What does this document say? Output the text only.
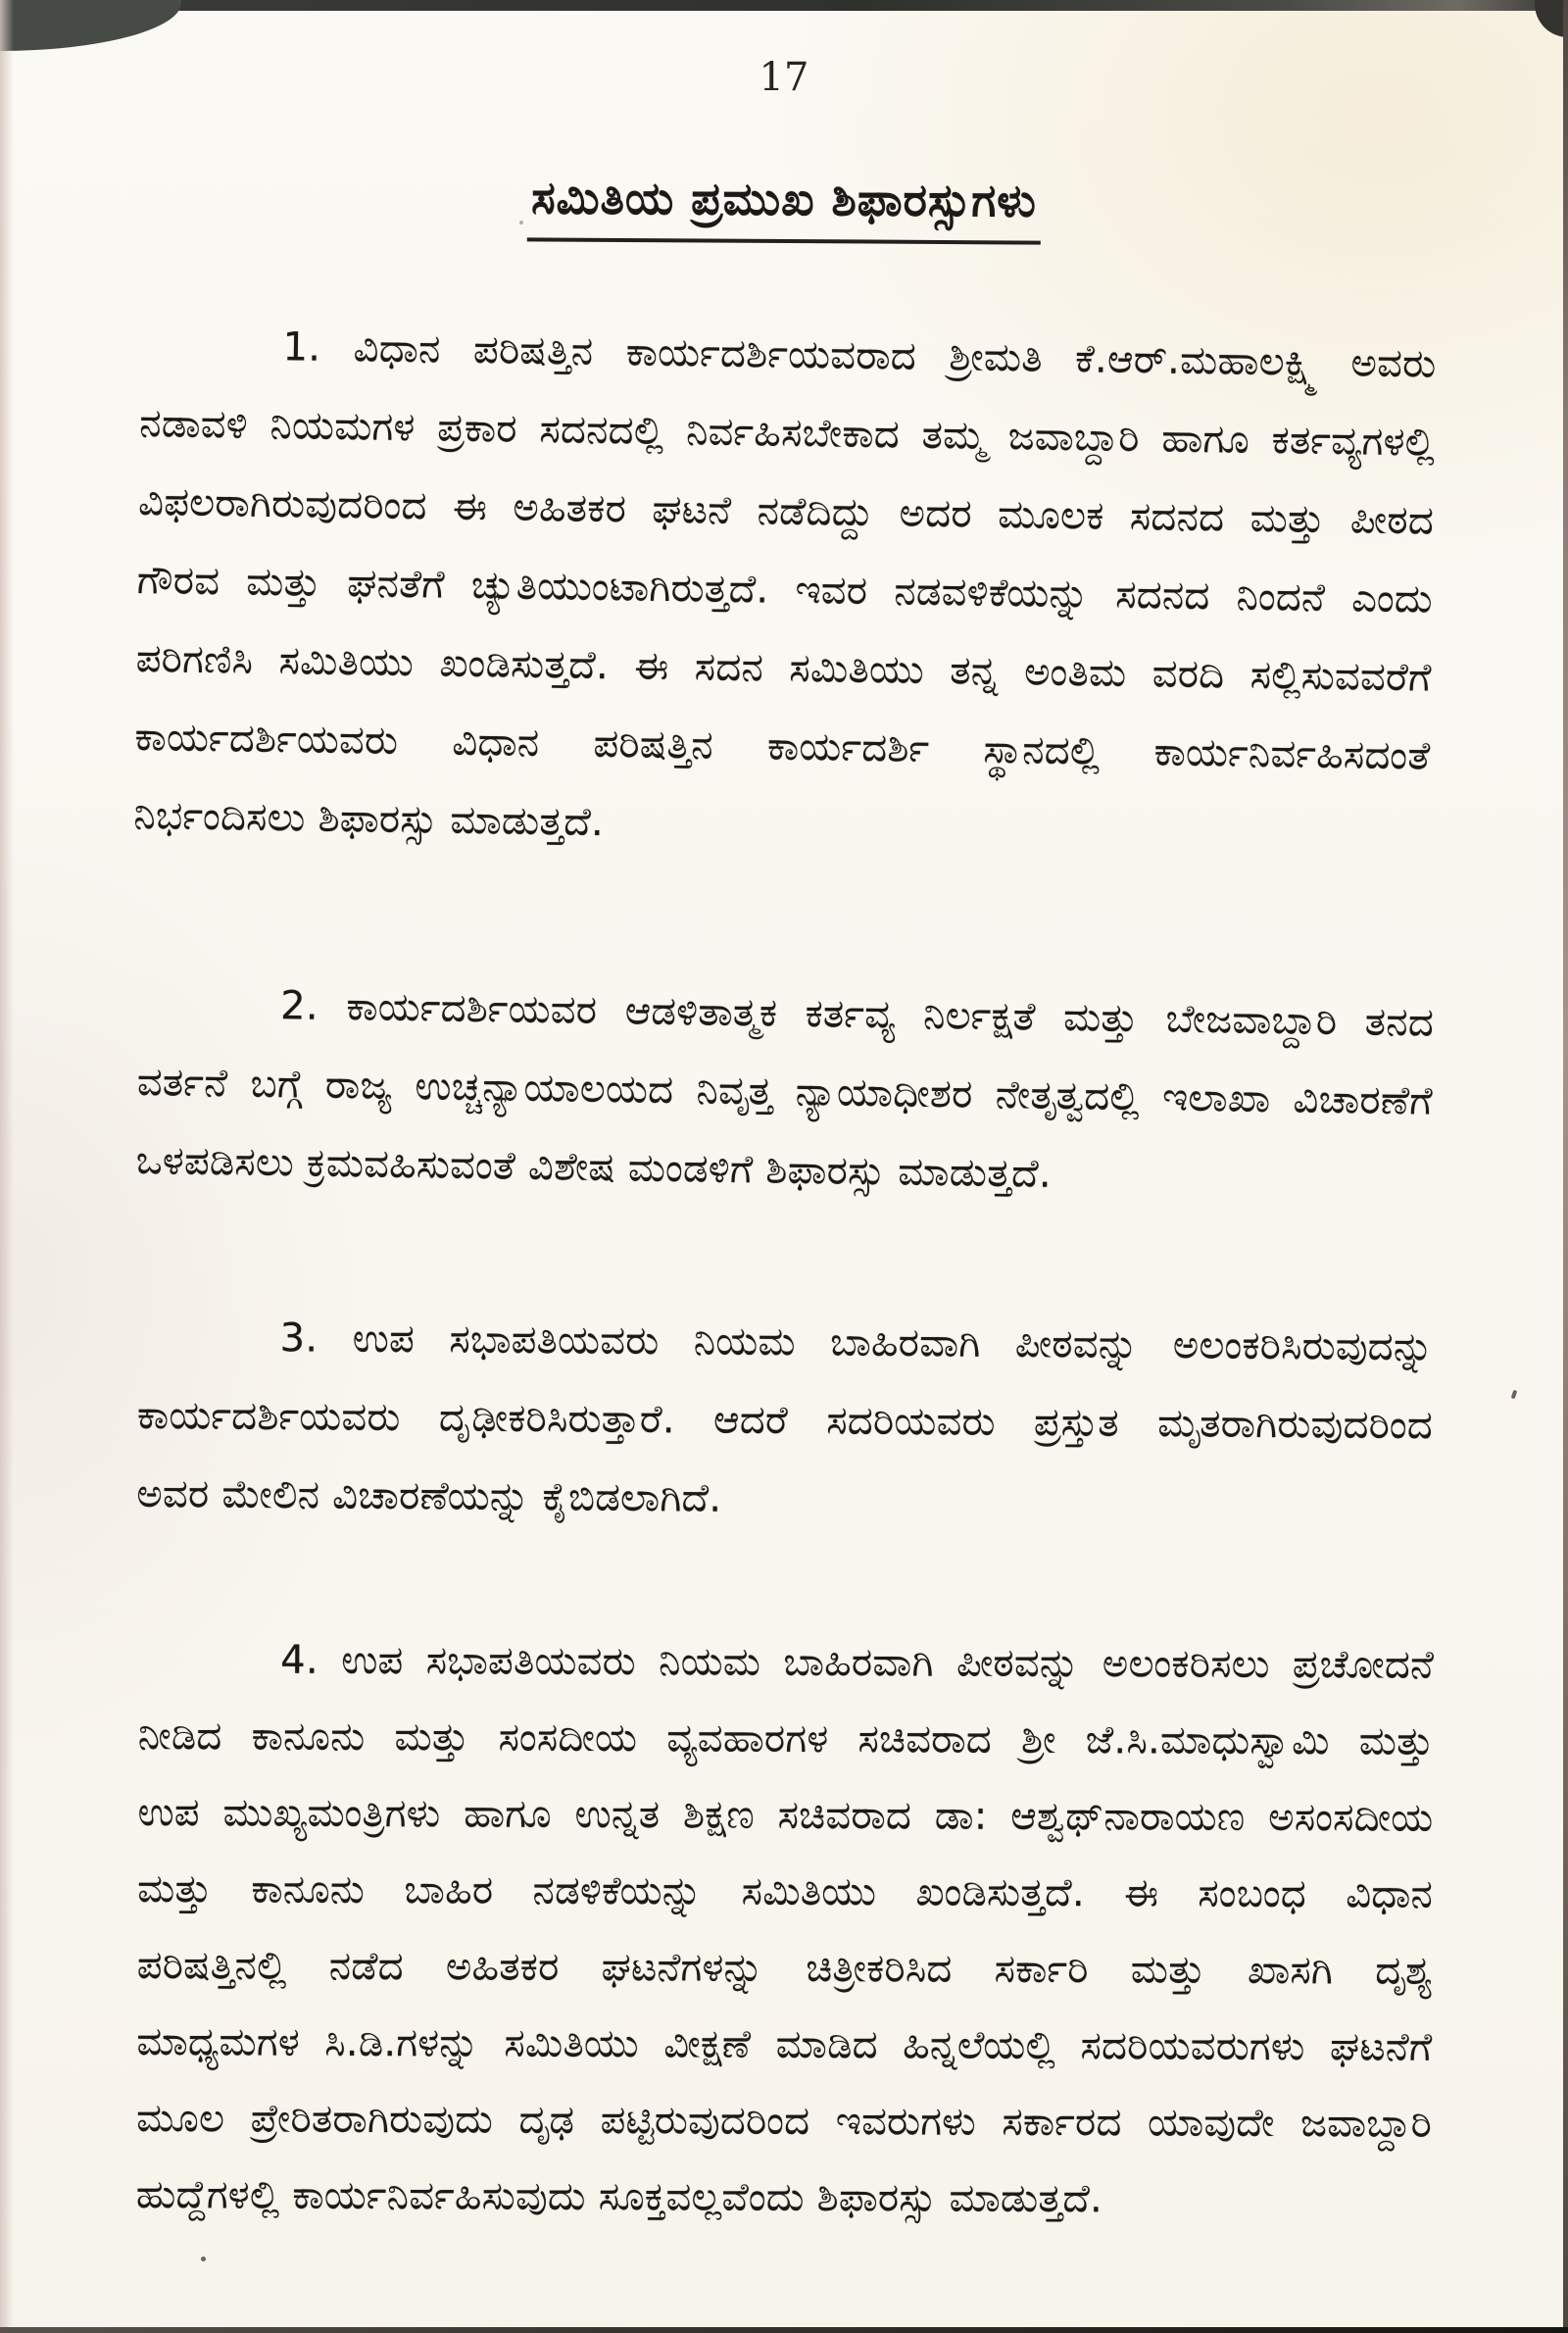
17
ಸಮಿತಿಯ ಪ್ರಮುಖ ಶಿಫಾರಸ್ಸುಗಳು
1. ವಿಧಾನ ಪರಿಷತ್ತಿನ ಕಾರ್ಯದರ್ಶಿಯವರಾದ ಶ್ರೀಮತಿ ಕೆ.ಆರ್.ಮಹಾಲಕ್ಷ್ಮಿ ಅವರು
ನಡಾವಳಿ ನಿಯಮಗಳ ಪ್ರಕಾರ ಸದನದಲ್ಲಿ ನಿರ್ವಹಿಸಬೇಕಾದ ತಮ್ಮ ಜವಾಬ್ದಾರಿ ಹಾಗೂ ಕರ್ತವ್ಯಗಳಲ್ಲಿ
ವಿಫಲರಾಗಿರುವುದರಿಂದ ಈ ಅಹಿತಕರ ಘಟನೆ ನಡೆದಿದ್ದು ಅದರ ಮೂಲಕ ಸದನದ ಮತ್ತು ಪೀಠದ
ಗೌರವ ಮತ್ತು ಘನತೆಗೆ ಚ್ಯುತಿಯುಂಟಾಗಿರುತ್ತದೆ. ಇವರ ನಡವಳಿಕೆಯನ್ನು ಸದನದ ನಿಂದನೆ ಎಂದು
ಪರಿಗಣಿಸಿ ಸಮಿತಿಯು ಖಂಡಿಸುತ್ತದೆ. ಈ ಸದನ ಸಮಿತಿಯು ತನ್ನ ಅಂತಿಮ ವರದಿ ಸಲ್ಲಿಸುವವರೆಗೆ
ಕಾರ್ಯದರ್ಶಿಯವರು ವಿಧಾನ ಪರಿಷತ್ತಿನ ಕಾರ್ಯದರ್ಶಿ ಸ್ಥಾನದಲ್ಲಿ ಕಾರ್ಯನಿರ್ವಹಿಸದಂತೆ
ನಿರ್ಭಂದಿಸಲು ಶಿಫಾರಸ್ಸು ಮಾಡುತ್ತದೆ.
2. ಕಾರ್ಯದರ್ಶಿಯವರ ಆಡಳಿತಾತ್ಮಕ ಕರ್ತವ್ಯ ನಿರ್ಲಕ್ಷತೆ ಮತ್ತು ಬೇಜವಾಬ್ದಾರಿ ತನದ
ವರ್ತನೆ ಬಗ್ಗೆ ರಾಜ್ಯ ಉಚ್ಚನ್ಯಾಯಾಲಯದ ನಿವೃತ್ತ ನ್ಯಾಯಾಧೀಶರ ನೇತೃತ್ವದಲ್ಲಿ ಇಲಾಖಾ ವಿಚಾರಣೆಗೆ
ಒಳಪಡಿಸಲು ಕ್ರಮವಹಿಸುವಂತೆ ವಿಶೇಷ ಮಂಡಳಿಗೆ ಶಿಫಾರಸ್ಸು ಮಾಡುತ್ತದೆ.
3. ಉಪ ಸಭಾಪತಿಯವರು ನಿಯಮ ಬಾಹಿರವಾಗಿ ಪೀಠವನ್ನು ಅಲಂಕರಿಸಿರುವುದನ್ನು
ಕಾರ್ಯದರ್ಶಿಯವರು ದೃಢೀಕರಿಸಿರುತ್ತಾರೆ. ಆದರೆ ಸದರಿಯವರು ಪ್ರಸ್ತುತ ಮೃತರಾಗಿರುವುದರಿಂದ
ಅವರ ಮೇಲಿನ ವಿಚಾರಣೆಯನ್ನು ಕೈಬಿಡಲಾಗಿದೆ.
4. ಉಪ ಸಭಾಪತಿಯವರು ನಿಯಮ ಬಾಹಿರವಾಗಿ ಪೀಠವನ್ನು ಅಲಂಕರಿಸಲು ಪ್ರಚೋದನೆ
ನೀಡಿದ ಕಾನೂನು ಮತ್ತು ಸಂಸದೀಯ ವ್ಯವಹಾರಗಳ ಸಚಿವರಾದ ಶ್ರೀ ಜೆ.ಸಿ.ಮಾಧುಸ್ವಾಮಿ ಮತ್ತು
ಉಪ ಮುಖ್ಯಮಂತ್ರಿಗಳು ಹಾಗೂ ಉನ್ನತ ಶಿಕ್ಷಣ ಸಚಿವರಾದ ಡಾ: ಆಶ್ವಥ್‌ನಾರಾಯಣ ಅಸಂಸದೀಯ
ಮತ್ತು ಕಾನೂನು ಬಾಹಿರ ನಡಳಿಕೆಯನ್ನು ಸಮಿತಿಯು ಖಂಡಿಸುತ್ತದೆ. ಈ ಸಂಬಂಧ ವಿಧಾನ
ಪರಿಷತ್ತಿನಲ್ಲಿ ನಡೆದ ಅಹಿತಕರ ಘಟನೆಗಳನ್ನು ಚಿತ್ರೀಕರಿಸಿದ ಸರ್ಕಾರಿ ಮತ್ತು ಖಾಸಗಿ ದೃಶ್ಯ
ಮಾಧ್ಯಮಗಳ ಸಿ.ಡಿ.ಗಳನ್ನು ಸಮಿತಿಯು ವೀಕ್ಷಣೆ ಮಾಡಿದ ಹಿನ್ನಲೆಯಲ್ಲಿ ಸದರಿಯವರುಗಳು ಘಟನೆಗೆ
ಮೂಲ ಪ್ರೇರಿತರಾಗಿರುವುದು ದೃಢ ಪಟ್ಟಿರುವುದರಿಂದ ಇವರುಗಳು ಸರ್ಕಾರದ ಯಾವುದೇ ಜವಾಬ್ದಾರಿ
ಹುದ್ದೆಗಳಲ್ಲಿ ಕಾರ್ಯನಿರ್ವಹಿಸುವುದು ಸೂಕ್ತವಲ್ಲವೆಂದು ಶಿಫಾರಸ್ಸು ಮಾಡುತ್ತದೆ.
